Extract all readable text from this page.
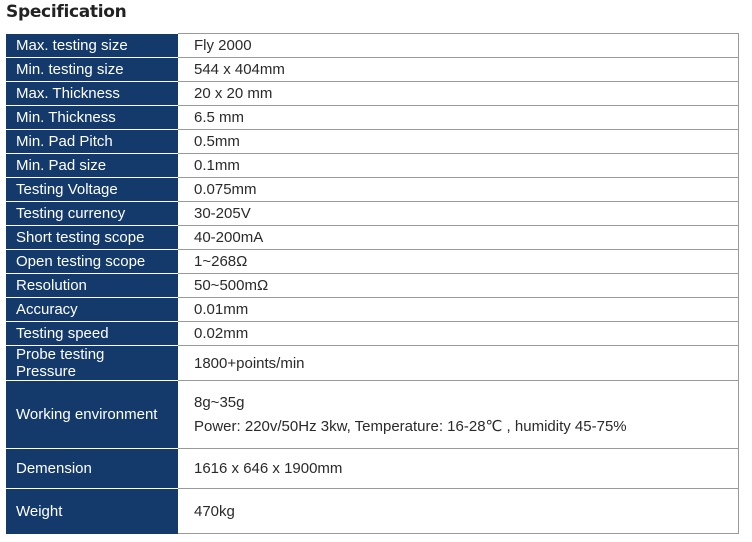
Specification
Max. testing size	Fly 2000
Min. testing size	544 x 404mm
Max. Thickness	20 x 20 mm
Min. Thickness	6.5 mm
Min. Pad Pitch	0.5mm
Min. Pad size	0.1mm
Testing Voltage	0.075mm
Testing currency	30-205V
Short testing scope	40-200mA
Open testing scope	1~268Ω
Resolution	50~500mΩ
Accuracy	0.01mm
Testing speed	0.02mm
Probe testing Pressure	1800+points/min
Working environment	8g~35g
Power: 220v/50Hz 3kw, Temperature: 16-28℃ , humidity 45-75%

Demension	1616 x 646 x 1900mm
Weight	470kg
